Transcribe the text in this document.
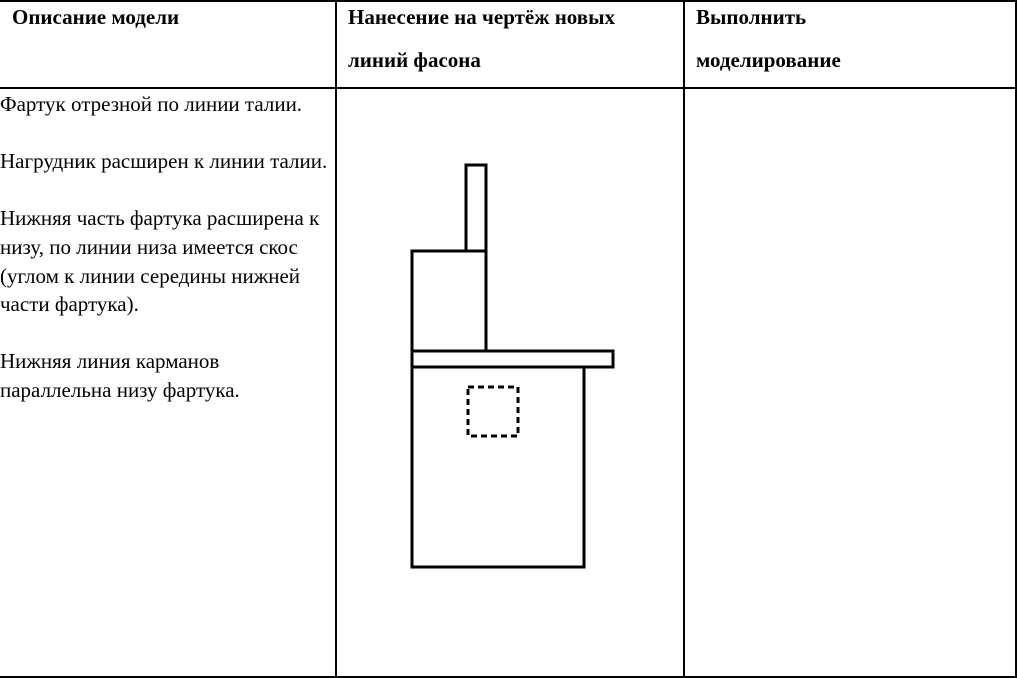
Описание модели	Нанесение на чертёж новых
линий фасона
Выполнить
моделирование

Фартук отрезной по линии талии.

Нагрудник расширен к линии талии.

Нижняя часть фартука расширена к низу, по линии низа имеется скос (углом к линии середины нижней части фартука).

Нижняя линия карманов параллельна низу фартука.
